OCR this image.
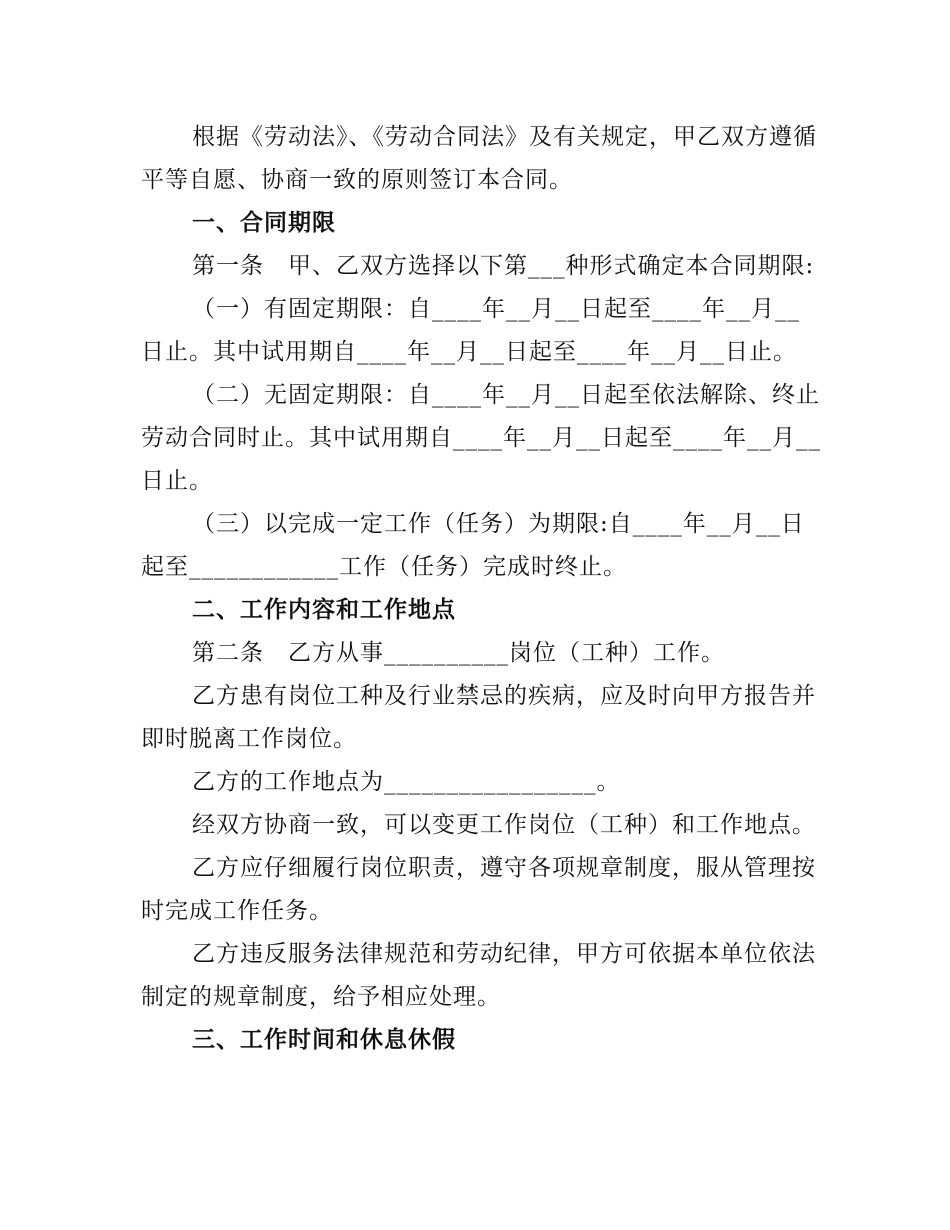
根据《劳动法》、《劳动合同法》及有关规定，甲乙双方遵循平等自愿、协商一致的原则签订本合同。

一、合同期限

第一条　甲、乙双方选择以下第___种形式确定本合同期限:

（一）有固定期限：自____年__月__日起至____年__月__日止。其中试用期自____年__月__日起至____年__月__日止。

（二）无固定期限：自____年__月__日起至依法解除、终止劳动合同时止。其中试用期自____年__月__日起至____年__月__日止。

（三）以完成一定工作（任务）为期限:自____年__月__日起至____________工作（任务）完成时终止。

二、工作内容和工作地点

第二条　乙方从事__________岗位（工种）工作。

乙方患有岗位工种及行业禁忌的疾病，应及时向甲方报告并即时脱离工作岗位。

乙方的工作地点为_________________。

经双方协商一致，可以变更工作岗位（工种）和工作地点。

乙方应仔细履行岗位职责，遵守各项规章制度，服从管理按时完成工作任务。

乙方违反服务法律规范和劳动纪律，甲方可依据本单位依法制定的规章制度，给予相应处理。

三、工作时间和休息休假
